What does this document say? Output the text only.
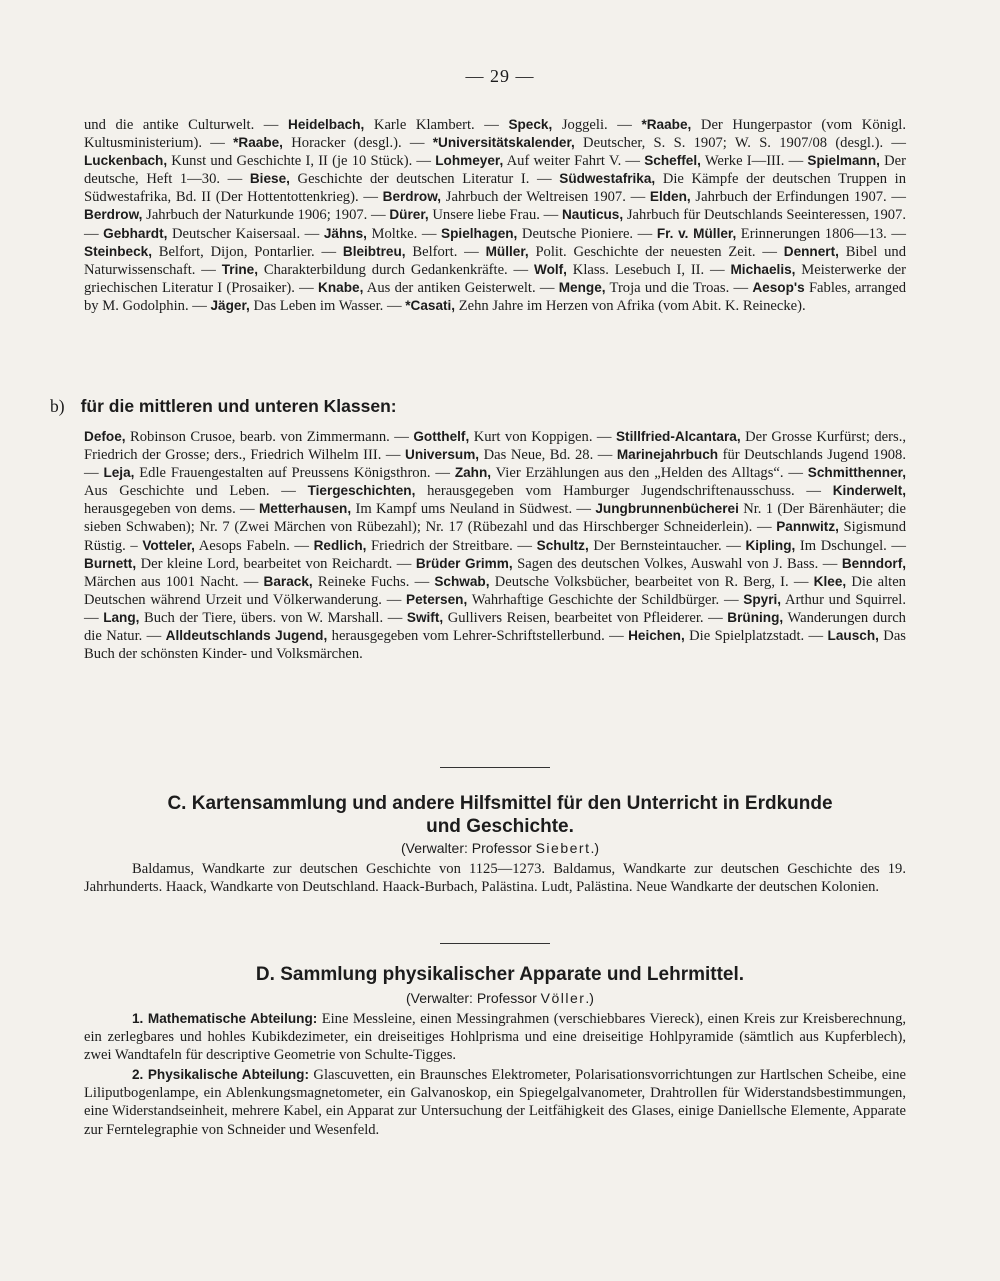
— 29 —

und die antike Culturwelt. — Heidelbach, Karle Klambert. — Speck, Joggeli. — *Raabe, Der Hungerpastor (vom Königl. Kultusministerium). — *Raabe, Horacker (desgl.). — *Universitätskalender, Deutscher, S. S. 1907; W. S. 1907/08 (desgl.). — Luckenbach, Kunst und Geschichte I, II (je 10 Stück). — Lohmeyer, Auf weiter Fahrt V. — Scheffel, Werke I—III. — Spielmann, Der deutsche, Heft 1—30. — Biese, Geschichte der deutschen Literatur I. — Südwestafrika, Die Kämpfe der deutschen Truppen in Südwestafrika, Bd. II (Der Hottentottenkrieg). — Berdrow, Jahrbuch der Weltreisen 1907. — Elden, Jahrbuch der Erfindungen 1907. — Berdrow, Jahrbuch der Naturkunde 1906; 1907. — Dürer, Unsere liebe Frau. — Nauticus, Jahrbuch für Deutschlands Seeinteressen, 1907. — Gebhardt, Deutscher Kaisersaal. — Jähns, Moltke. — Spielhagen, Deutsche Pioniere. — Fr. v. Müller, Erinnerungen 1806—13. — Steinbeck, Belfort, Dijon, Pontarlier. — Bleibtreu, Belfort. — Müller, Polit. Geschichte der neuesten Zeit. — Dennert, Bibel und Naturwissenschaft. — Trine, Charakterbildung durch Gedankenkräfte. — Wolf, Klass. Lesebuch I, II. — Michaelis, Meisterwerke der griechischen Literatur I (Prosaiker). — Knabe, Aus der antiken Geisterwelt. — Menge, Troja und die Troas. — Aesop's Fables, arranged by M. Godolphin. — Jäger, Das Leben im Wasser. — *Casati, Zehn Jahre im Herzen von Afrika (vom Abit. K. Reinecke).

b) für die mittleren und unteren Klassen:

Defoe, Robinson Crusoe, bearb. von Zimmermann. — Gotthelf, Kurt von Koppigen. — Stillfried-Alcantara, Der Grosse Kurfürst; ders., Friedrich der Grosse; ders., Friedrich Wilhelm III. — Universum, Das Neue, Bd. 28. — Marinejahrbuch für Deutschlands Jugend 1908. — Leja, Edle Frauengestalten auf Preussens Königsthron. — Zahn, Vier Erzählungen aus den „Helden des Alltags“. — Schmitthenner, Aus Geschichte und Leben. — Tiergeschichten, herausgegeben vom Hamburger Jugendschriftenausschuss. — Kinderwelt, herausgegeben von dems. — Metterhausen, Im Kampf ums Neuland in Südwest. — Jungbrunnenbücherei Nr. 1 (Der Bärenhäuter; die sieben Schwaben); Nr. 7 (Zwei Märchen von Rübezahl); Nr. 17 (Rübezahl und das Hirschberger Schneiderlein). — Pannwitz, Sigismund Rüstig. – Votteler, Aesops Fabeln. — Redlich, Friedrich der Streitbare. — Schultz, Der Bernsteintaucher. — Kipling, Im Dschungel. — Burnett, Der kleine Lord, bearbeitet von Reichardt. — Brüder Grimm, Sagen des deutschen Volkes, Auswahl von J. Bass. — Benndorf, Märchen aus 1001 Nacht. — Barack, Reineke Fuchs. — Schwab, Deutsche Volksbücher, bearbeitet von R. Berg, I. — Klee, Die alten Deutschen während Urzeit und Völkerwanderung. — Petersen, Wahrhaftige Geschichte der Schildbürger. — Spyri, Arthur und Squirrel. — Lang, Buch der Tiere, übers. von W. Marshall. — Swift, Gullivers Reisen, bearbeitet von Pfleiderer. — Brüning, Wanderungen durch die Natur. — Alldeutschlands Jugend, herausgegeben vom Lehrer-Schriftstellerbund. — Heichen, Die Spielplatzstadt. — Lausch, Das Buch der schönsten Kinder- und Volksmärchen.

C. Kartensammlung und andere Hilfsmittel für den Unterricht in Erdkunde
und Geschichte.
(Verwalter: Professor Siebert.)

Baldamus, Wandkarte zur deutschen Geschichte von 1125—1273. Baldamus, Wandkarte zur deutschen Geschichte des 19. Jahrhunderts. Haack, Wandkarte von Deutschland. Haack-Burbach, Palästina. Ludt, Palästina. Neue Wandkarte der deutschen Kolonien.

D. Sammlung physikalischer Apparate und Lehrmittel.
(Verwalter: Professor Völler.)

1. Mathematische Abteilung: Eine Messleine, einen Messingrahmen (verschiebbares Viereck), einen Kreis zur Kreisberechnung, ein zerlegbares und hohles Kubikdezimeter, ein dreiseitiges Hohlprisma und eine dreiseitige Hohlpyramide (sämtlich aus Kupferblech), zwei Wandtafeln für descriptive Geometrie von Schulte-Tigges.

2. Physikalische Abteilung: Glascuvetten, ein Braunsches Elektrometer, Polarisationsvorrichtungen zur Hartlschen Scheibe, eine Liliputbogenlampe, ein Ablenkungsmagnetometer, ein Galvanoskop, ein Spiegelgalvanometer, Drahtrollen für Widerstandsbestimmungen, eine Widerstandseinheit, mehrere Kabel, ein Apparat zur Untersuchung der Leitfähigkeit des Glases, einige Daniellsche Elemente, Apparate zur Ferntelegraphie von Schneider und Wesenfeld.
